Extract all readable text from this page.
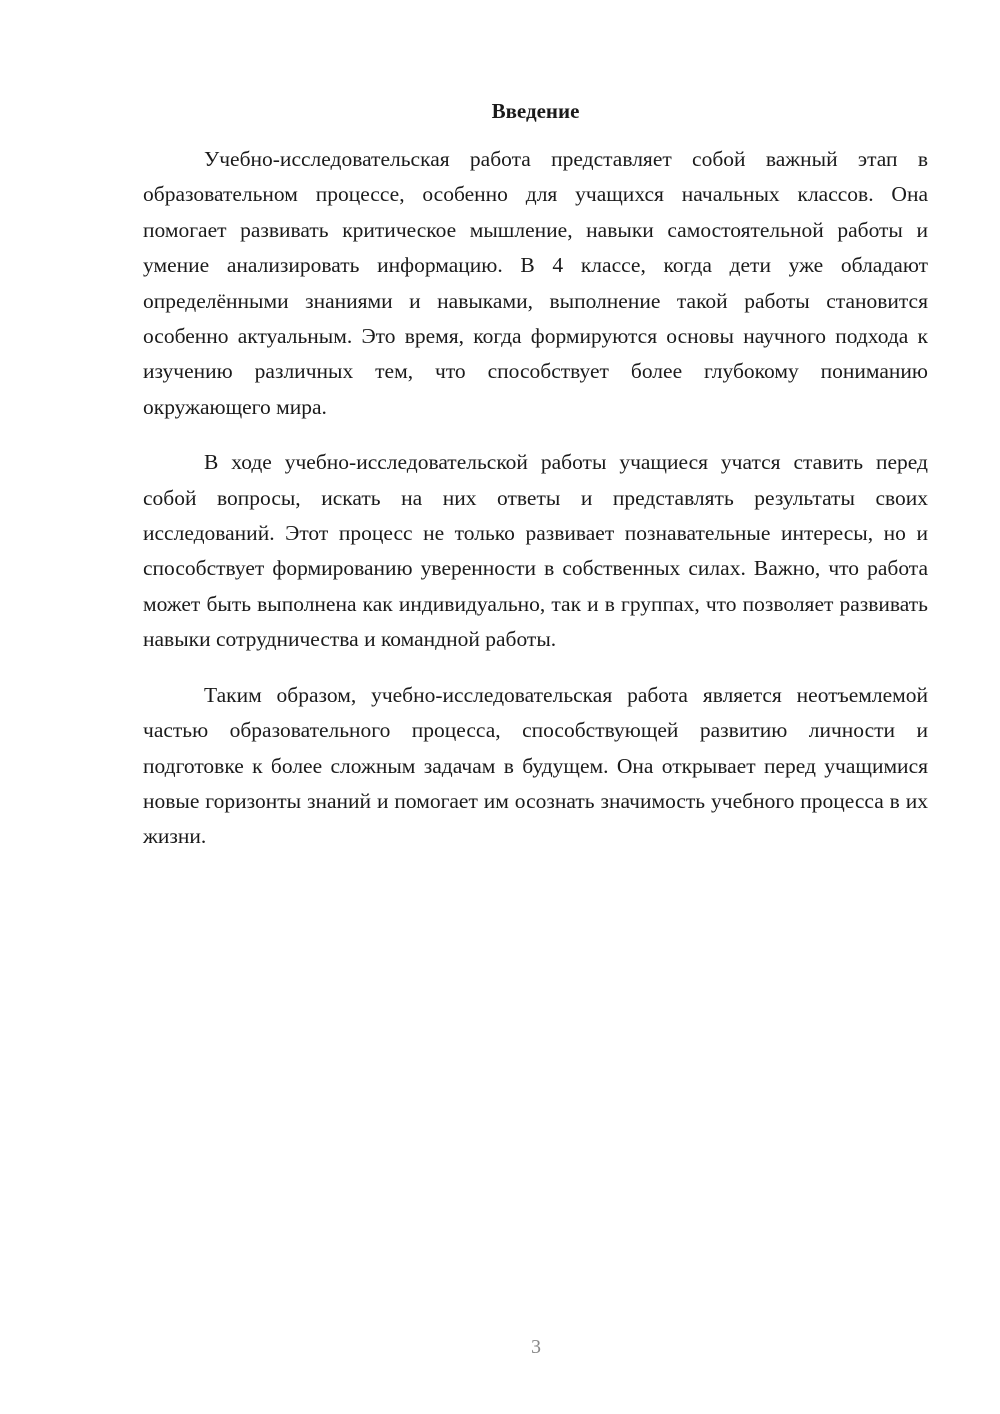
Введение

Учебно-исследовательская работа представляет собой важный этап в образовательном процессе, особенно для учащихся начальных классов. Она помогает развивать критическое мышление, навыки самостоятельной работы и умение анализировать информацию. В 4 классе, когда дети уже обладают определёнными знаниями и навыками, выполнение такой работы становится особенно актуальным. Это время, когда формируются основы научного подхода к изучению различных тем, что способствует более глубокому пониманию окружающего мира.

В ходе учебно-исследовательской работы учащиеся учатся ставить перед собой вопросы, искать на них ответы и представлять результаты своих исследований. Этот процесс не только развивает познавательные интересы, но и способствует формированию уверенности в собственных силах. Важно, что работа может быть выполнена как индивидуально, так и в группах, что позволяет развивать навыки сотрудничества и командной работы.

Таким образом, учебно-исследовательская работа является неотъемлемой частью образовательного процесса, способствующей развитию личности и подготовке к более сложным задачам в будущем. Она открывает перед учащимися новые горизонты знаний и помогает им осознать значимость учебного процесса в их жизни.

3
